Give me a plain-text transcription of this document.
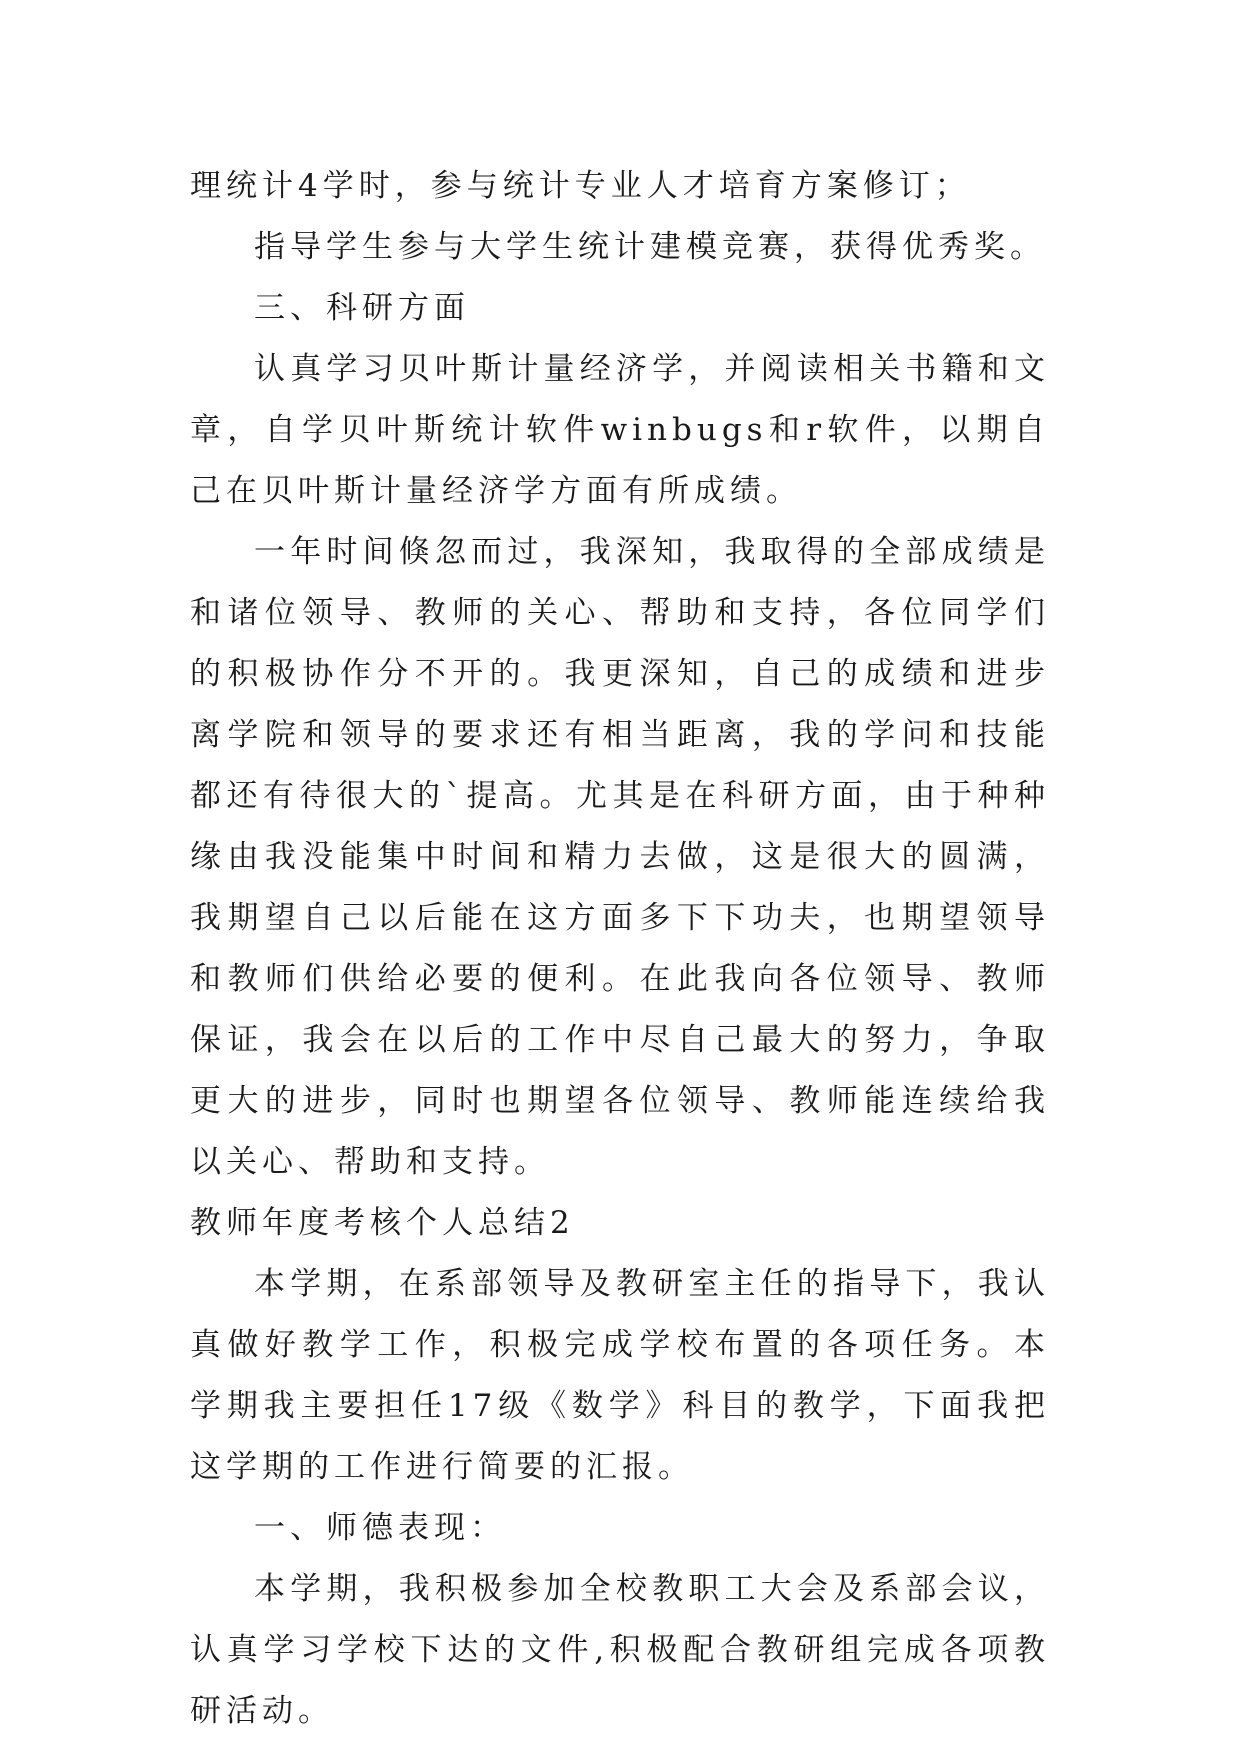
理统计4学时，参与统计专业人才培育方案修订；

指导学生参与大学生统计建模竞赛，获得优秀奖。

三、科研方面

认真学习贝叶斯计量经济学，并阅读相关书籍和文章，自学贝叶斯统计软件winbugs和r软件，以期自己在贝叶斯计量经济学方面有所成绩。

一年时间倏忽而过，我深知，我取得的全部成绩是和诸位领导、教师的关心、帮助和支持，各位同学们的积极协作分不开的。我更深知，自己的成绩和进步离学院和领导的要求还有相当距离，我的学问和技能都还有待很大的`提高。尤其是在科研方面，由于种种缘由我没能集中时间和精力去做，这是很大的圆满，我期望自己以后能在这方面多下下功夫，也期望领导和教师们供给必要的便利。在此我向各位领导、教师保证，我会在以后的工作中尽自己最大的努力，争取更大的进步，同时也期望各位领导、教师能连续给我以关心、帮助和支持。

教师年度考核个人总结2

本学期，在系部领导及教研室主任的指导下，我认真做好教学工作，积极完成学校布置的各项任务。本学期我主要担任17级《数学》科目的教学，下面我把这学期的工作进行简要的汇报。

一、师德表现：

本学期，我积极参加全校教职工大会及系部会议，认真学习学校下达的文件,积极配合教研组完成各项教研活动。
